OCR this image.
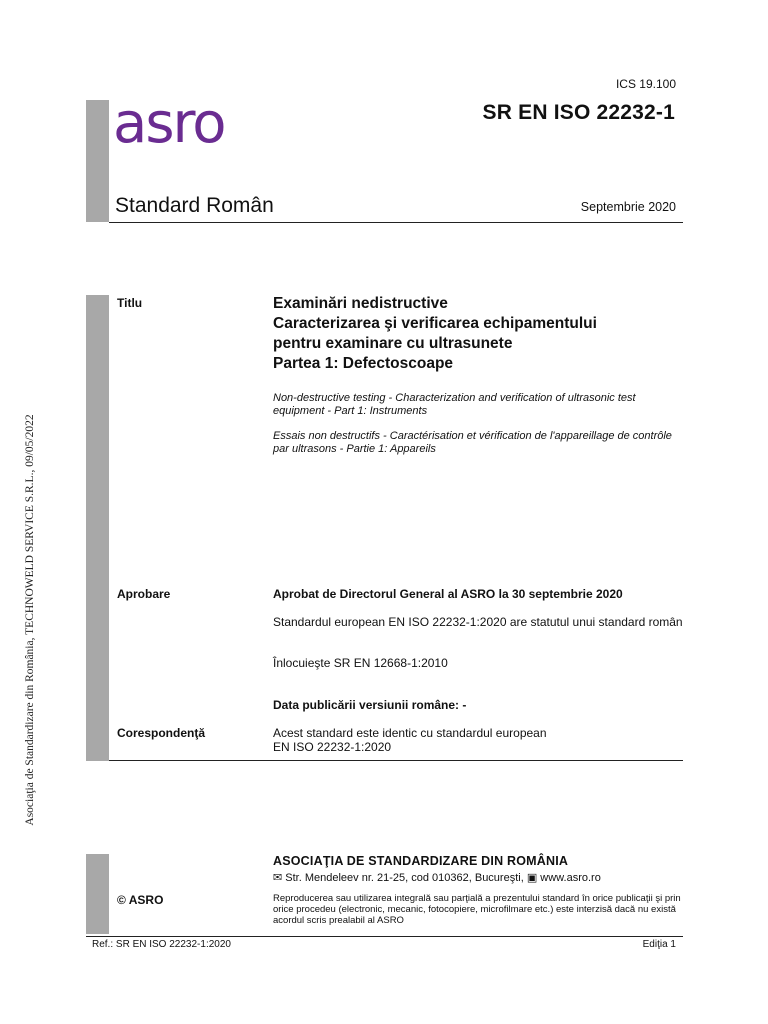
ICS 19.100
SR EN ISO 22232-1
asro
Standard Român	Septembrie 2020
Titlu	Examinări nedistructive
Caracterizarea şi verificarea echipamentului
pentru examinare cu ultrasunete
Partea 1: Defectoscoape
Non-destructive testing - Characterization and verification of ultrasonic test equipment - Part 1: Instruments
Essais non destructifs - Caractérisation et vérification de l'appareillage de contrôle par ultrasons - Partie 1: Appareils
Aprobare	Aprobat de Directorul General al ASRO la 30 septembrie 2020
Standardul european EN ISO 22232-1:2020 are statutul unui standard român
Înlocuieşte SR EN 12668-1:2010
Data publicării versiunii române: -
Corespondenţă	Acest standard este identic cu standardul european
EN ISO 22232-1:2020
ASOCIAŢIA DE STANDARDIZARE DIN ROMÂNIA
✉ Str. Mendeleev nr. 21-25, cod 010362, Bucureşti, ▣ www.asro.ro
© ASRO	Reproducerea sau utilizarea integrală sau parţială a prezentului standard în orice publicaţii şi prin orice procedeu (electronic, mecanic, fotocopiere, microfilmare etc.) este interzisă dacă nu există acordul scris prealabil al ASRO
Ref.: SR EN ISO 22232-1:2020	Ediţia 1
Asociaţia de Standardizare din România, TECHNOWELD SERVICE S.R.L., 09/05/2022
